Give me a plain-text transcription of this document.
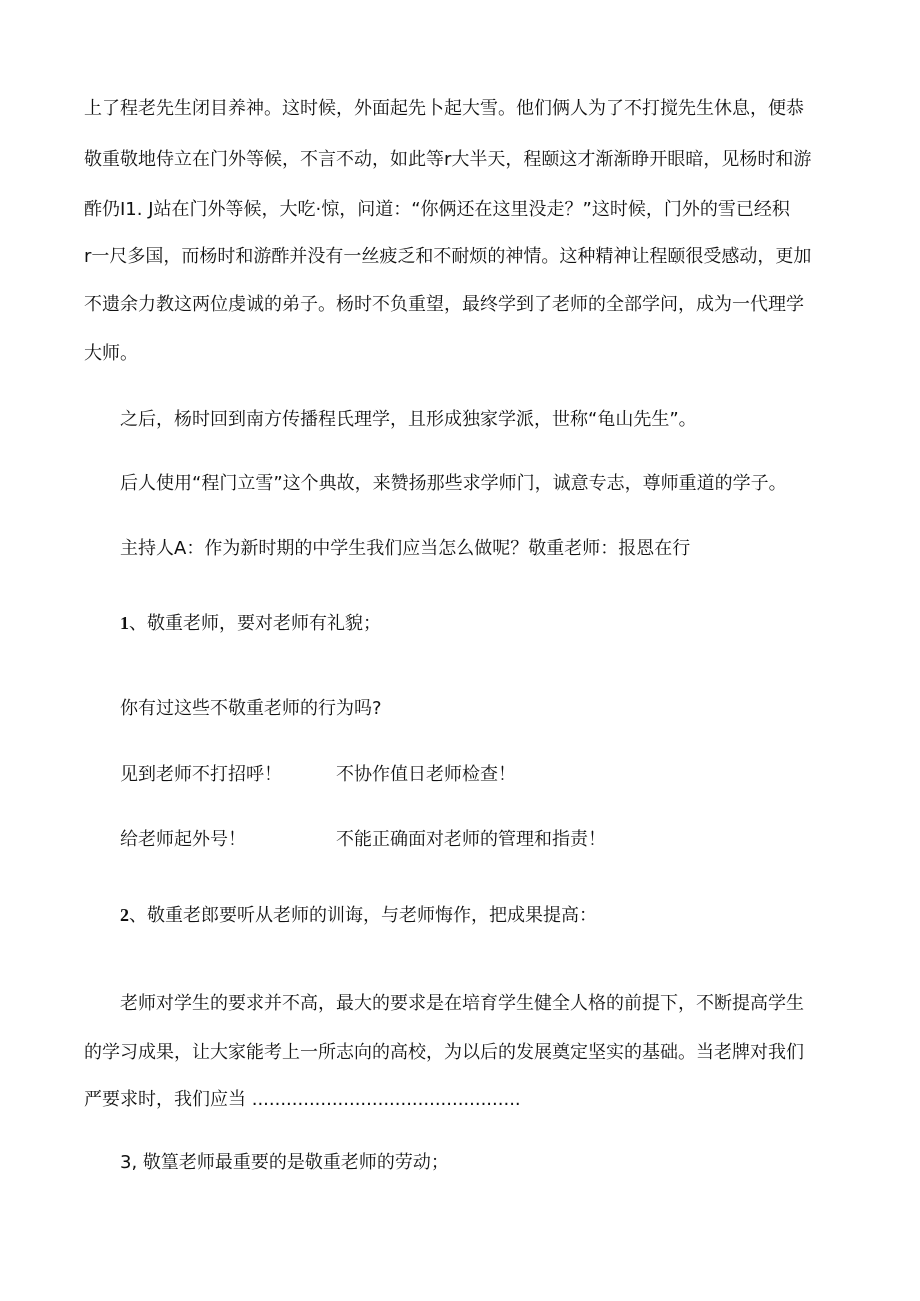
上了程老先生闭目养神。这时候，外面起先卜起大雪。他们俩人为了不打搅先生休息，便恭
敬重敬地侍立在门外等候，不言不动，如此等r大半天，程颐这才渐渐睁开眼暗，见杨时和游
酢仍I1. J站在门外等候，大吃·惊，问道：“你俩还在这里没走？”这时候，门外的雪已经积
r一尺多国，而杨时和游酢并没有一丝疲乏和不耐烦的神情。这种精神让程颐很受感动，更加
不遗余力教这两位虔诚的弟子。杨时不负重望，最终学到了老师的全部学问，成为一代理学
大师。
之后，杨时回到南方传播程氏理学，且形成独家学派，世称“龟山先生”。
后人使用“程门立雪”这个典故，来赞扬那些求学师门，诚意专志，尊师重道的学子。
主持人A：作为新时期的中学生我们应当怎么做呢？敬重老师：报恩在行
1、敬重老师，要对老师有礼貌；
你有过这些不敬重老师的行为吗?
见到老师不打招呼！	不协作值日老师检查！
给老师起外号！	不能正确面对老师的管理和指责！
2、敬重老郎要听从老师的训诲，与老师悔作，把成果提高：
老师对学生的要求并不高，最大的要求是在培育学生健全人格的前提下，不断提高学生
的学习成果，让大家能考上一所志向的高校，为以后的发展奠定坚实的基础。当老牌对我们
严要求时，我们应当 ...............................................
3, 敬篁老师最重要的是敬重老师的劳动；
